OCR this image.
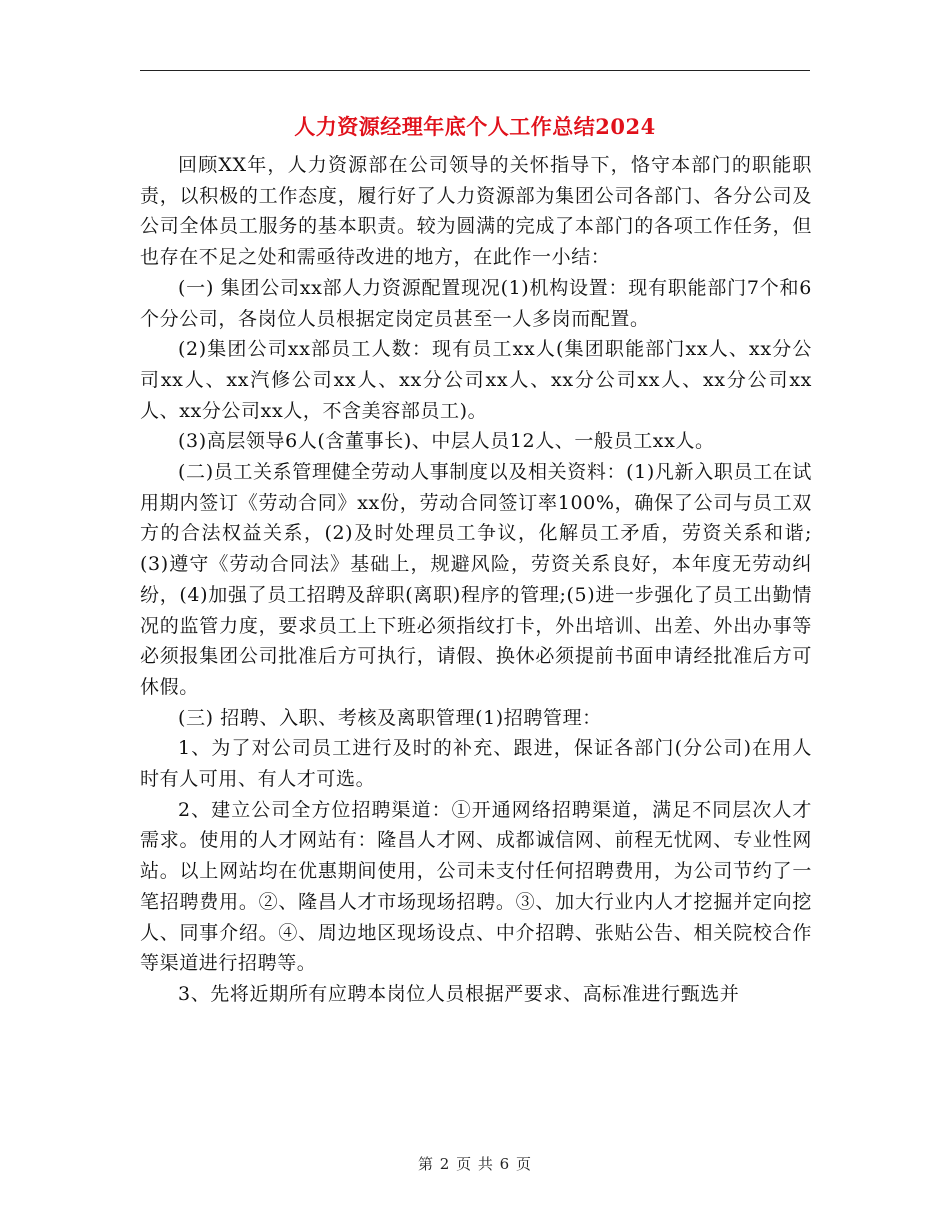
人力资源经理年底个人工作总结2024

回顾XX年，人力资源部在公司领导的关怀指导下，恪守本部门的职能职责，以积极的工作态度，履行好了人力资源部为集团公司各部门、各分公司及公司全体员工服务的基本职责。较为圆满的完成了本部门的各项工作任务，但也存在不足之处和需亟待改进的地方，在此作一小结：

(一) 集团公司xx部人力资源配置现况(1)机构设置：现有职能部门7个和6个分公司，各岗位人员根据定岗定员甚至一人多岗而配置。

(2)集团公司xx部员工人数：现有员工xx人(集团职能部门xx人、xx分公司xx人、xx汽修公司xx人、xx分公司xx人、xx分公司xx人、xx分公司xx人、xx分公司xx人，不含美容部员工)。

(3)高层领导6人(含董事长)、中层人员12人、一般员工xx人。

(二)员工关系管理健全劳动人事制度以及相关资料：(1)凡新入职员工在试用期内签订《劳动合同》xx份，劳动合同签订率100%，确保了公司与员工双方的合法权益关系，(2)及时处理员工争议，化解员工矛盾，劳资关系和谐;(3)遵守《劳动合同法》基础上，规避风险，劳资关系良好，本年度无劳动纠纷，(4)加强了员工招聘及辞职(离职)程序的管理;(5)进一步强化了员工出勤情况的监管力度，要求员工上下班必须指纹打卡，外出培训、出差、外出办事等必须报集团公司批准后方可执行，请假、换休必须提前书面申请经批准后方可休假。

(三) 招聘、入职、考核及离职管理(1)招聘管理：

1、为了对公司员工进行及时的补充、跟进，保证各部门(分公司)在用人时有人可用、有人才可选。

2、建立公司全方位招聘渠道：①开通网络招聘渠道，满足不同层次人才需求。使用的人才网站有：隆昌人才网、成都诚信网、前程无忧网、专业性网站。以上网站均在优惠期间使用，公司未支付任何招聘费用，为公司节约了一笔招聘费用。②、隆昌人才市场现场招聘。③、加大行业内人才挖掘并定向挖人、同事介绍。④、周边地区现场设点、中介招聘、张贴公告、相关院校合作等渠道进行招聘等。

3、先将近期所有应聘本岗位人员根据严要求、高标准进行甄选并

第 2 页 共 6 页
